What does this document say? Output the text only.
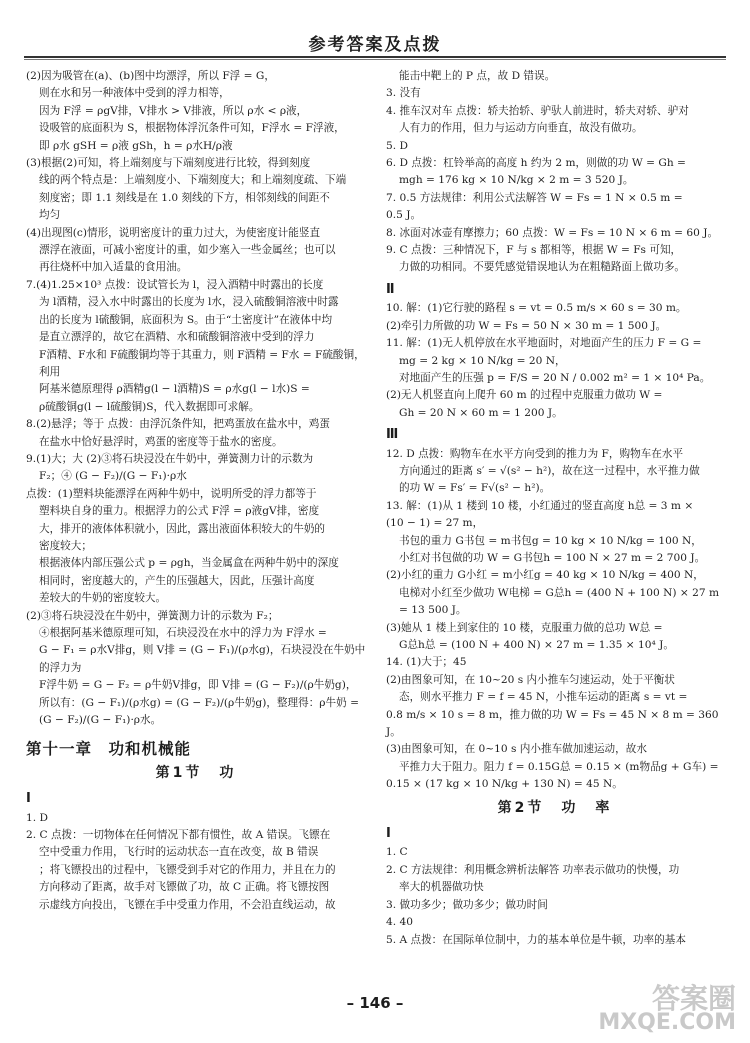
参考答案及点拨
(2)因为吸管在(a)、(b)图中均漂浮，所以 F浮 = G，
则在水和另一种液体中受到的浮力相等，
因为 F浮 = ρgV排，V排水 > V排液，所以 ρ水 < ρ液，
设吸管的底面积为 S，根据物体浮沉条件可知，F浮水 = F浮液，
即 ρ水 gSH = ρ液 gSh，h = ρ水H/ρ液
(3)根据(2)可知，将上端刻度与下端刻度进行比较，得到刻度
线的两个特点是：上端刻度小、下端刻度大；和上端刻度疏、下端
刻度密；即 1.1 刻线是在 1.0 刻线的下方，相邻刻线的间距不
均匀
(4)出现图(c)情形，说明密度计的重力过大，为使密度计能竖直
漂浮在液面，可减小密度计的重，如少塞入一些金属丝；也可以
再往烧杯中加入适量的食用油。
7.(4)1.25×10³ 点拨：设试管长为 l，浸入酒精中时露出的长度
为 l酒精，浸入水中时露出的长度为 l水，浸入硫酸铜溶液中时露
出的长度为 l硫酸铜，底面积为 S。由于“土密度计”在液体中均
是直立漂浮的，故它在酒精、水和硫酸铜溶液中受到的浮力
F酒精、F水和 F硫酸铜均等于其重力，则 F酒精 = F水 = F硫酸铜，利用
阿基米德原理得 ρ酒精g(l − l酒精)S = ρ水g(l − l水)S =
ρ硫酸铜g(l − l硫酸铜)S，代入数据即可求解。
8.(2)悬浮；等于 点拨：由浮沉条件知，把鸡蛋放在盐水中，鸡蛋
在盐水中恰好悬浮时，鸡蛋的密度等于盐水的密度。
9.(1)大；大 (2)③将石块浸没在牛奶中，弹簧测力计的示数为
F₂；④ (G − F₂)/(G − F₁)·ρ水
点拨：(1)塑料块能漂浮在两种牛奶中，说明所受的浮力都等于
塑料块自身的重力。根据浮力的公式 F浮 = ρ液gV排，密度
大，排开的液体体积就小，因此，露出液面体积较大的牛奶的
密度较大；
根据液体内部压强公式 p = ρgh，当金属盒在两种牛奶中的深度
相同时，密度越大的，产生的压强越大，因此，压强计高度
差较大的牛奶的密度较大。
(2)③将石块浸没在牛奶中，弹簧测力计的示数为 F₂；
④根据阿基米德原理可知，石块浸没在水中的浮力为 F浮水 =
G − F₁ = ρ水V排g，则 V排 = (G − F₁)/(ρ水g)，石块浸没在牛奶中的浮力为
F浮牛奶 = G − F₂ = ρ牛奶V排g，即 V排 = (G − F₂)/(ρ牛奶g)，
所以有：(G − F₁)/(ρ水g) = (G − F₂)/(ρ牛奶g)，整理得：ρ牛奶 = (G − F₂)/(G − F₁)·ρ水。
第十一章　功和机械能
第1节　功
Ⅰ
1. D
2. C 点拨：一切物体在任何情况下都有惯性，故 A 错误。飞镖在
空中受重力作用，飞行时的运动状态一直在改变，故 B 错误
；将飞镖投出的过程中，飞镖受到手对它的作用力，并且在力的
方向移动了距离，故手对飞镖做了功，故 C 正确。将飞镖按图
示虚线方向投出，飞镖在手中受重力作用，不会沿直线运动，故
能击中靶上的 P 点，故 D 错误。
3. 没有
4. 推车汉对车 点拨：轿夫抬轿、驴驮人前进时，轿夫对轿、驴对
人有力的作用，但力与运动方向垂直，故没有做功。
5. D
6. D 点拨：杠铃举高的高度 h 约为 2 m，则做的功 W = Gh =
mgh = 176 kg × 10 N/kg × 2 m = 3 520 J。
7. 0.5 方法规律：利用公式法解答 W = Fs = 1 N × 0.5 m =
0.5 J。
8. 冰面对冰壶有摩擦力；60 点拨：W = Fs = 10 N × 6 m = 60 J。
9. C 点拨：三种情况下，F 与 s 都相等，根据 W = Fs 可知，
力做的功相同。不要凭感觉错误地认为在粗糙路面上做功多。
Ⅱ
10. 解：(1)它行驶的路程 s = vt = 0.5 m/s × 60 s = 30 m。
(2)牵引力所做的功 W = Fs = 50 N × 30 m = 1 500 J。
11. 解：(1)无人机停放在水平地面时，对地面产生的压力 F = G =
mg = 2 kg × 10 N/kg = 20 N，
对地面产生的压强 p = F/S = 20 N / 0.002 m² = 1 × 10⁴ Pa。
(2)无人机竖直向上爬升 60 m 的过程中克服重力做功 W =
Gh = 20 N × 60 m = 1 200 J。
Ⅲ
12. D 点拨：购物车在水平方向受到的推力为 F，购物车在水平
方向通过的距离 s′ = √(s² − h²)，故在这一过程中，水平推力做
的功 W = Fs′ = F√(s² − h²)。
13. 解：(1)从 1 楼到 10 楼，小红通过的竖直高度 h总 = 3 m ×
(10 − 1) = 27 m，
书包的重力 G书包 = m书包g = 10 kg × 10 N/kg = 100 N，
小红对书包做的功 W = G书包h = 100 N × 27 m = 2 700 J。
(2)小红的重力 G小红 = m小红g = 40 kg × 10 N/kg = 400 N，
电梯对小红至少做功 W电梯 = G总h = (400 N + 100 N) × 27 m = 13 500 J。
(3)她从 1 楼上到家住的 10 楼，克服重力做的总功 W总 =
G总h总 = (100 N + 400 N) × 27 m = 1.35 × 10⁴ J。
14. (1)大于；45
(2)由图象可知，在 10~20 s 内小推车匀速运动，处于平衡状
态，则水平推力 F = f = 45 N，小推车运动的距离 s = vt =
0.8 m/s × 10 s = 8 m，推力做的功 W = Fs = 45 N × 8 m = 360 J。
(3)由图象可知，在 0~10 s 内小推车做加速运动，故水
平推力大于阻力。阻力 f = 0.15G总 = 0.15 × (m物品g + G车) =
0.15 × (17 kg × 10 N/kg + 130 N) = 45 N。
第2节　功　率
Ⅰ
1. C
2. C 方法规律：利用概念辨析法解答 功率表示做功的快慢，功
率大的机器做功快
3. 做功多少；做功多少；做功时间
4. 40
5. A 点拨：在国际单位制中，力的基本单位是牛顿，功率的基本
– 146 –	答案圈
MXQE.COM
